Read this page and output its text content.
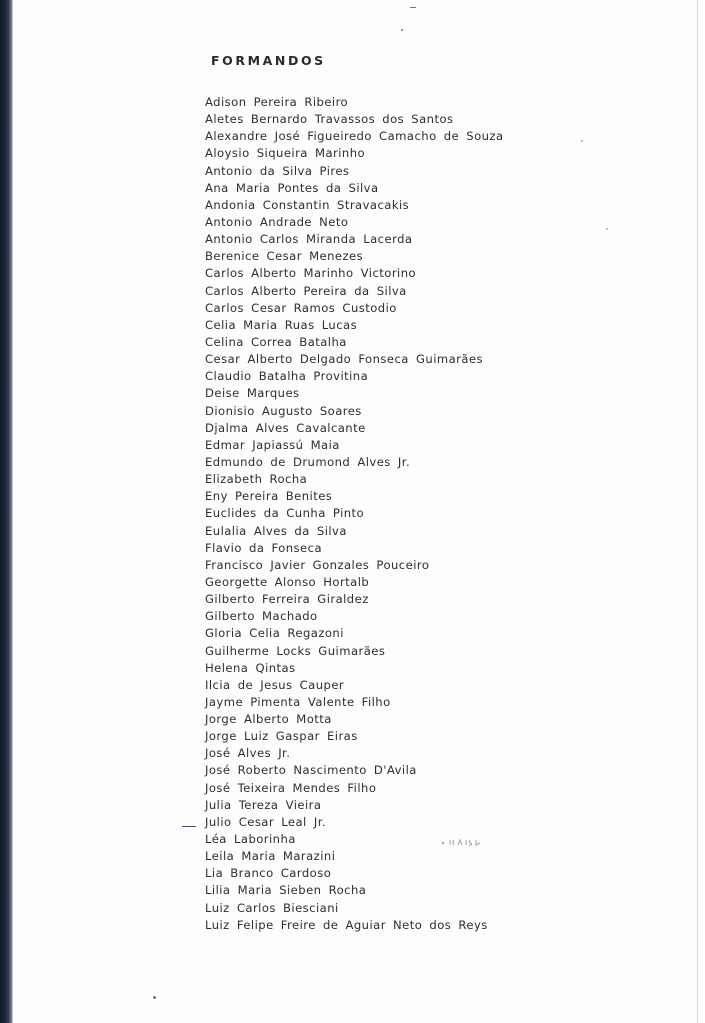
FORMANDOS
Adison Pereira Ribeiro
Aletes Bernardo Travassos dos Santos
Alexandre José Figueiredo Camacho de Souza
Aloysio Siqueira Marinho
Antonio da Silva Pires
Ana Maria Pontes da Silva
Andonia Constantin Stravacakis
Antonio Andrade Neto
Antonio Carlos Miranda Lacerda
Berenice Cesar Menezes
Carlos Alberto Marinho Victorino
Carlos Alberto Pereira da Silva
Carlos Cesar Ramos Custodio
Celia Maria Ruas Lucas
Celina Correa Batalha
Cesar Alberto Delgado Fonseca Guimarães
Claudio Batalha Provitina
Deise Marques
Dionisio Augusto Soares
Djalma Alves Cavalcante
Edmar Japiassú Maia
Edmundo de Drumond Alves Jr.
Elizabeth Rocha
Eny Pereira Benites
Euclides da Cunha Pinto
Eulalia Alves da Silva
Flavio da Fonseca
Francisco Javier Gonzales Pouceiro
Georgette Alonso Hortalb
Gilberto Ferreira Giraldez
Gilberto Machado
Gloria Celia Regazoni
Guilherme Locks Guimarães
Helena Qintas
Ilcia de Jesus Cauper
Jayme Pimenta Valente Filho
Jorge Alberto Motta
Jorge Luiz Gaspar Eiras
José Alves Jr.
José Roberto Nascimento D'Avila
José Teixeira Mendes Filho
Julia Tereza Vieira
Julio Cesar Leal Jr.
Léa Laborinha
Leila Maria Marazini
Lia Branco Cardoso
Lilia Maria Sieben Rocha
Luiz Carlos Biesciani
Luiz Felipe Freire de Aguiar Neto dos Reys
